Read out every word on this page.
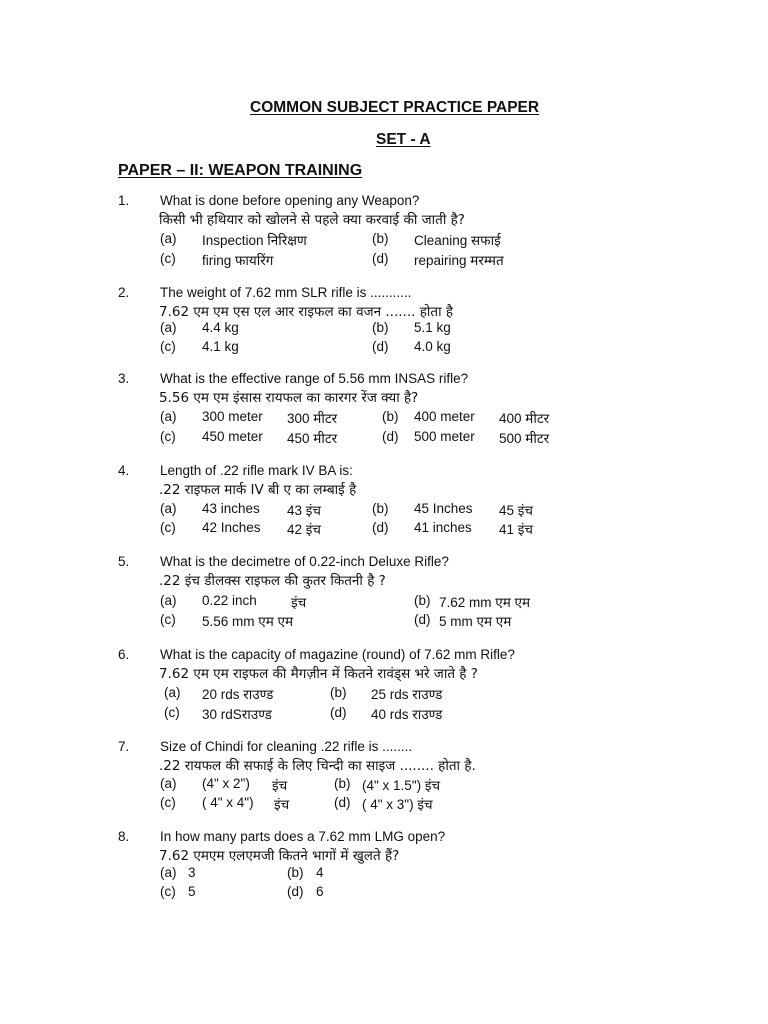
COMMON SUBJECT PRACTICE PAPER
SET - A
PAPER – II: WEAPON TRAINING
1. What is done before opening any Weapon?
किसी भी हथियार को खोलने से पहले क्या करवाई की जाती है?
(a) Inspection निरिक्षण	(b) Cleaning सफाई
(c) firing फायरिंग	(d) repairing मरम्मत
2. The weight of 7.62 mm SLR rifle is ...........
7.62 एम एम एस एल आर राइफल का वजन ....... होता है
(a) 4.4 kg	(b) 5.1 kg
(c) 4.1 kg	(d) 4.0 kg
3. What is the effective range of 5.56 mm INSAS rifle?
5.56 एम एम इंसास रायफल का कारगर रेंज क्या है?
(a) 300 meter 300 मीटर	(b) 400 meter 400 मीटर
(c) 450 meter 450 मीटर	(d) 500 meter 500 मीटर
4. Length of .22 rifle mark IV BA is:
.22 राइफल मार्क IV बी ए का लम्बाई है
(a) 43 inches 43 इंच	(b) 45 Inches 45 इंच
(c) 42 Inches 42 इंच	(d) 41 inches 41 इंच
5. What is the decimetre of 0.22-inch Deluxe Rifle?
.22 इंच डीलक्स राइफल की कुतर कितनी है ?
(a) 0.22 inch	इंच	(b) 7.62 mm एम एम
(c) 5.56 mm एम एम	(d) 5 mm एम एम
6. What is the capacity of magazine (round) of 7.62 mm Rifle?
7.62 एम एम राइफल की मैगज़ीन में कितने रावंड्स भरे जाते है ?
(a) 20 rds राउण्ड	(b) 25 rds राउण्ड
(c) 30 rdSराउण्ड	(d) 40 rds राउण्ड
7. Size of Chindi for cleaning .22 rifle is ........
.22 रायफल की सफाई के लिए चिन्दी का साइज ........ होता है.
(a) (4" x 2") इंच	(b) (4" x 1.5") इंच
(c) ( 4" x 4") इंच	(d) ( 4" x 3") इंच
8. In how many parts does a 7.62 mm LMG open?
7.62 एमएम एलएमजी कितने भागों में खुलते हैं?
(a) 3	(b) 4
(c) 5	(d) 6
